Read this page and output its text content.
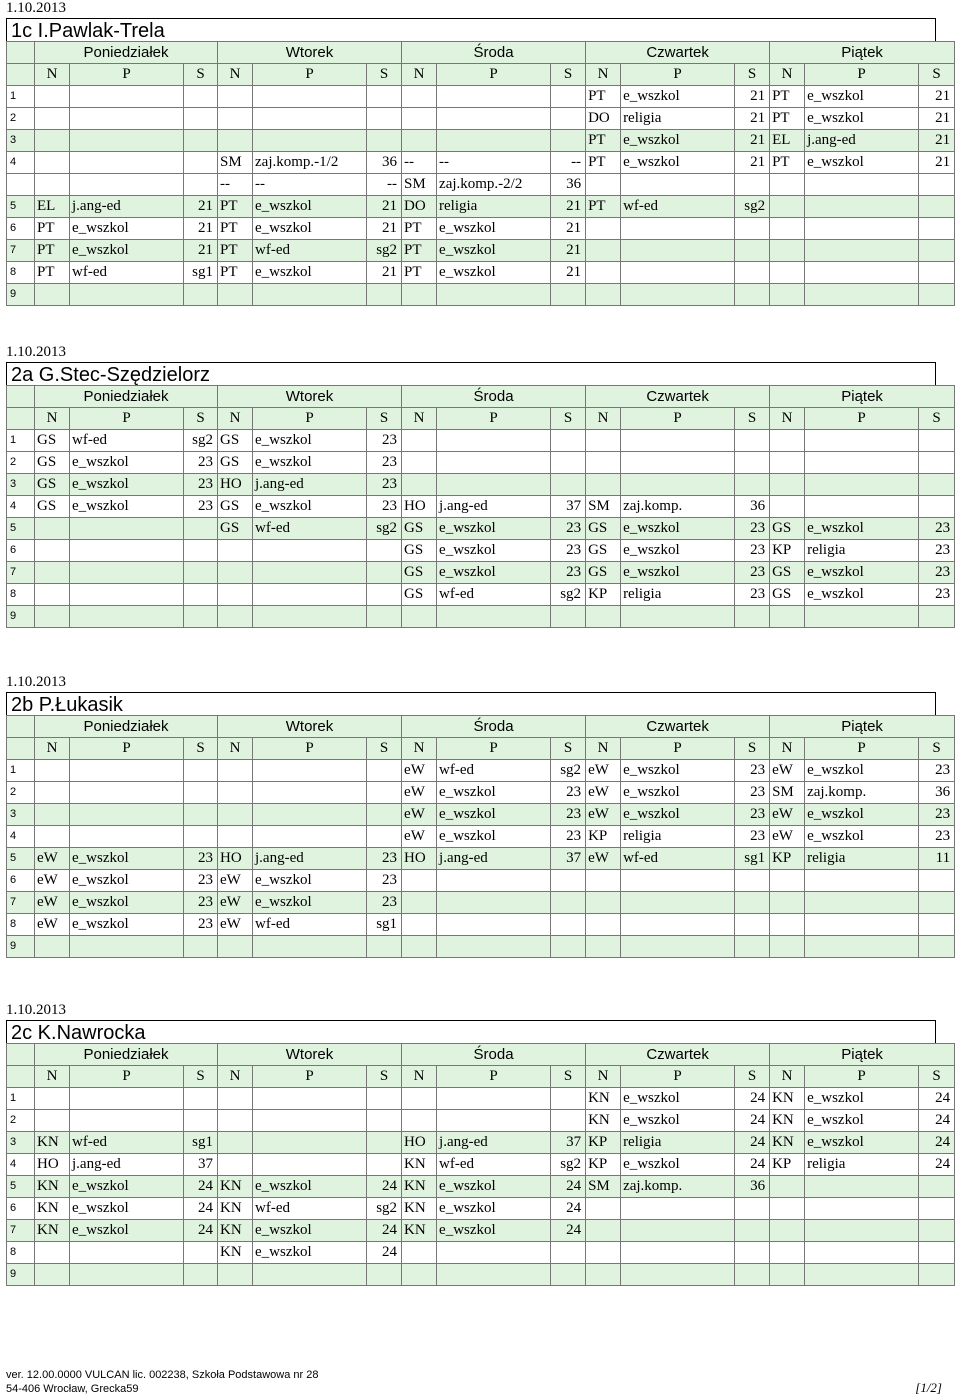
1.10.2013
1c I.Pawlak-Trela
	Poniedziałek			Wtorek			Środa			Czwartek			Piątek		
	N	P	S	N	P	S	N	P	S	N	P	S	N	P	S
1										PT	e_wszkol	21	PT	e_wszkol	21
2										DO	religia	21	PT	e_wszkol	21
3										PT	e_wszkol	21	EL	j.ang-ed	21
4				SM	zaj.komp.-1/2	36	--	--	--	PT	e_wszkol	21	PT	e_wszkol	21
				--	--	--	SM	zaj.komp.-2/2	36						
5	EL	j.ang-ed	21	PT	e_wszkol	21	DO	religia	21	PT	wf-ed	sg2			
6	PT	e_wszkol	21	PT	e_wszkol	21	PT	e_wszkol	21						
7	PT	e_wszkol	21	PT	wf-ed	sg2	PT	e_wszkol	21						
8	PT	wf-ed	sg1	PT	e_wszkol	21	PT	e_wszkol	21						
9															
1.10.2013
2a G.Stec-Szędzielorz
	Poniedziałek			Wtorek			Środa			Czwartek			Piątek		
	N	P	S	N	P	S	N	P	S	N	P	S	N	P	S
1	GS	wf-ed	sg2	GS	e_wszkol	23									
2	GS	e_wszkol	23	GS	e_wszkol	23									
3	GS	e_wszkol	23	HO	j.ang-ed	23									
4	GS	e_wszkol	23	GS	e_wszkol	23	HO	j.ang-ed	37	SM	zaj.komp.	36			
5				GS	wf-ed	sg2	GS	e_wszkol	23	GS	e_wszkol	23	GS	e_wszkol	23
6							GS	e_wszkol	23	GS	e_wszkol	23	KP	religia	23
7							GS	e_wszkol	23	GS	e_wszkol	23	GS	e_wszkol	23
8							GS	wf-ed	sg2	KP	religia	23	GS	e_wszkol	23
9															
1.10.2013
2b P.Łukasik
	Poniedziałek			Wtorek			Środa			Czwartek			Piątek		
	N	P	S	N	P	S	N	P	S	N	P	S	N	P	S
1							eW	wf-ed	sg2	eW	e_wszkol	23	eW	e_wszkol	23
2							eW	e_wszkol	23	eW	e_wszkol	23	SM	zaj.komp.	36
3							eW	e_wszkol	23	eW	e_wszkol	23	eW	e_wszkol	23
4							eW	e_wszkol	23	KP	religia	23	eW	e_wszkol	23
5	eW	e_wszkol	23	HO	j.ang-ed	23	HO	j.ang-ed	37	eW	wf-ed	sg1	KP	religia	11
6	eW	e_wszkol	23	eW	e_wszkol	23									
7	eW	e_wszkol	23	eW	e_wszkol	23									
8	eW	e_wszkol	23	eW	wf-ed	sg1									
9															
1.10.2013
2c K.Nawrocka
	Poniedziałek			Wtorek			Środa			Czwartek			Piątek		
	N	P	S	N	P	S	N	P	S	N	P	S	N	P	S
1										KN	e_wszkol	24	KN	e_wszkol	24
2										KN	e_wszkol	24	KN	e_wszkol	24
3	KN	wf-ed	sg1				HO	j.ang-ed	37	KP	religia	24	KN	e_wszkol	24
4	HO	j.ang-ed	37				KN	wf-ed	sg2	KP	e_wszkol	24	KP	religia	24
5	KN	e_wszkol	24	KN	e_wszkol	24	KN	e_wszkol	24	SM	zaj.komp.	36			
6	KN	e_wszkol	24	KN	wf-ed	sg2	KN	e_wszkol	24						
7	KN	e_wszkol	24	KN	e_wszkol	24	KN	e_wszkol	24						
8				KN	e_wszkol	24									
9															
ver. 12.00.0000 VULCAN lic. 002238, Szkoła Podstawowa nr 28
54-406 Wrocław, Grecka59	[1/2]
